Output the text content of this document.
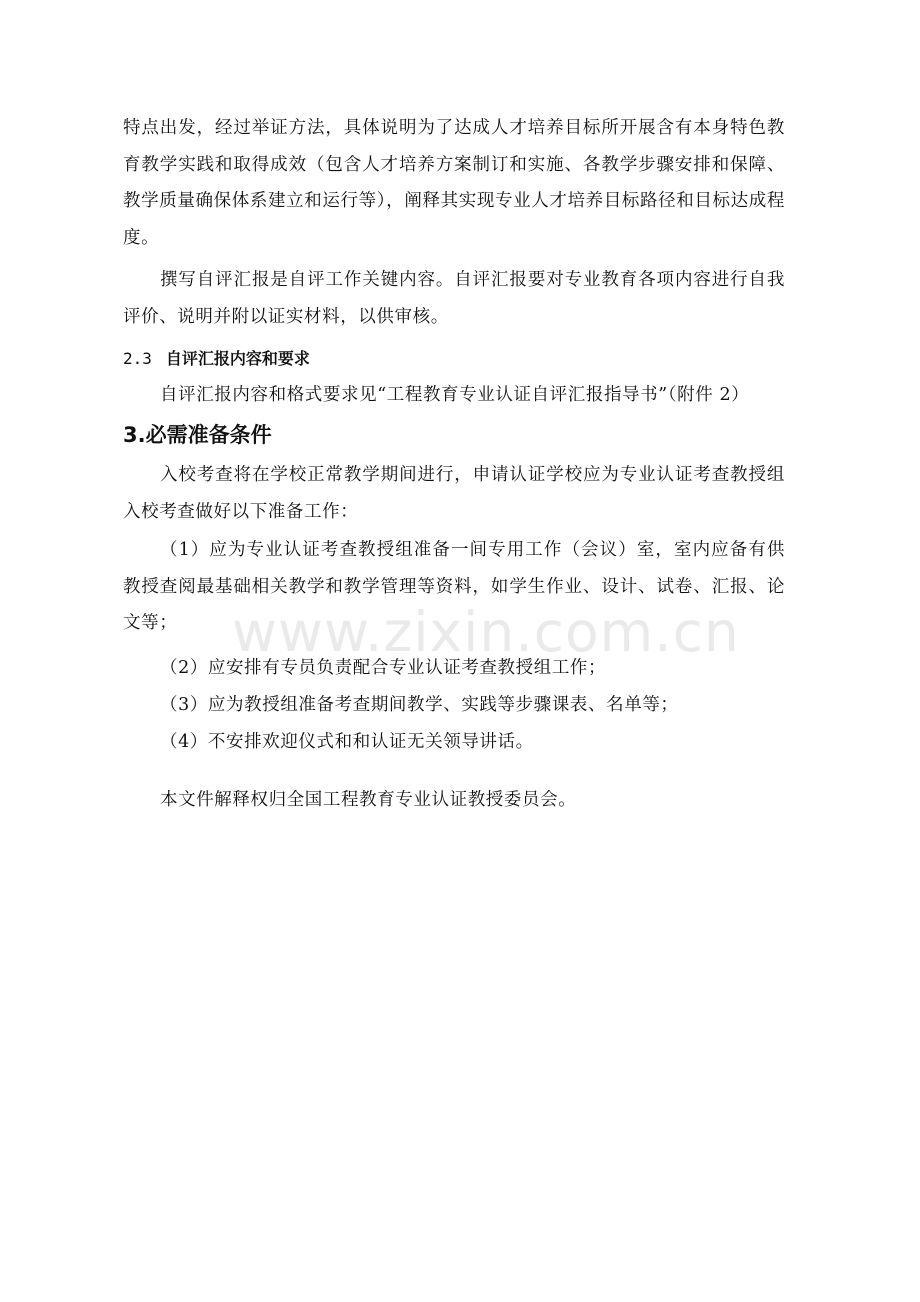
特点出发，经过举证方法，具体说明为了达成人才培养目标所开展含有本身特色教育教学实践和取得成效（包含人才培养方案制订和实施、各教学步骤安排和保障、教学质量确保体系建立和运行等），阐释其实现专业人才培养目标路径和目标达成程度。

撰写自评汇报是自评工作关键内容。自评汇报要对专业教育各项内容进行自我评价、说明并附以证实材料，以供审核。

2.3 自评汇报内容和要求

自评汇报内容和格式要求见“工程教育专业认证自评汇报指导书”（附件 2）

3.必需准备条件

入校考查将在学校正常教学期间进行，申请认证学校应为专业认证考查教授组入校考查做好以下准备工作：

（1）应为专业认证考查教授组准备一间专用工作（会议）室，室内应备有供教授查阅最基础相关教学和教学管理等资料，如学生作业、设计、试卷、汇报、论文等；

（2）应安排有专员负责配合专业认证考查教授组工作；

（3）应为教授组准备考查期间教学、实践等步骤课表、名单等；

（4）不安排欢迎仪式和和认证无关领导讲话。

本文件解释权归全国工程教育专业认证教授委员会。

www.zixin.com.cn
